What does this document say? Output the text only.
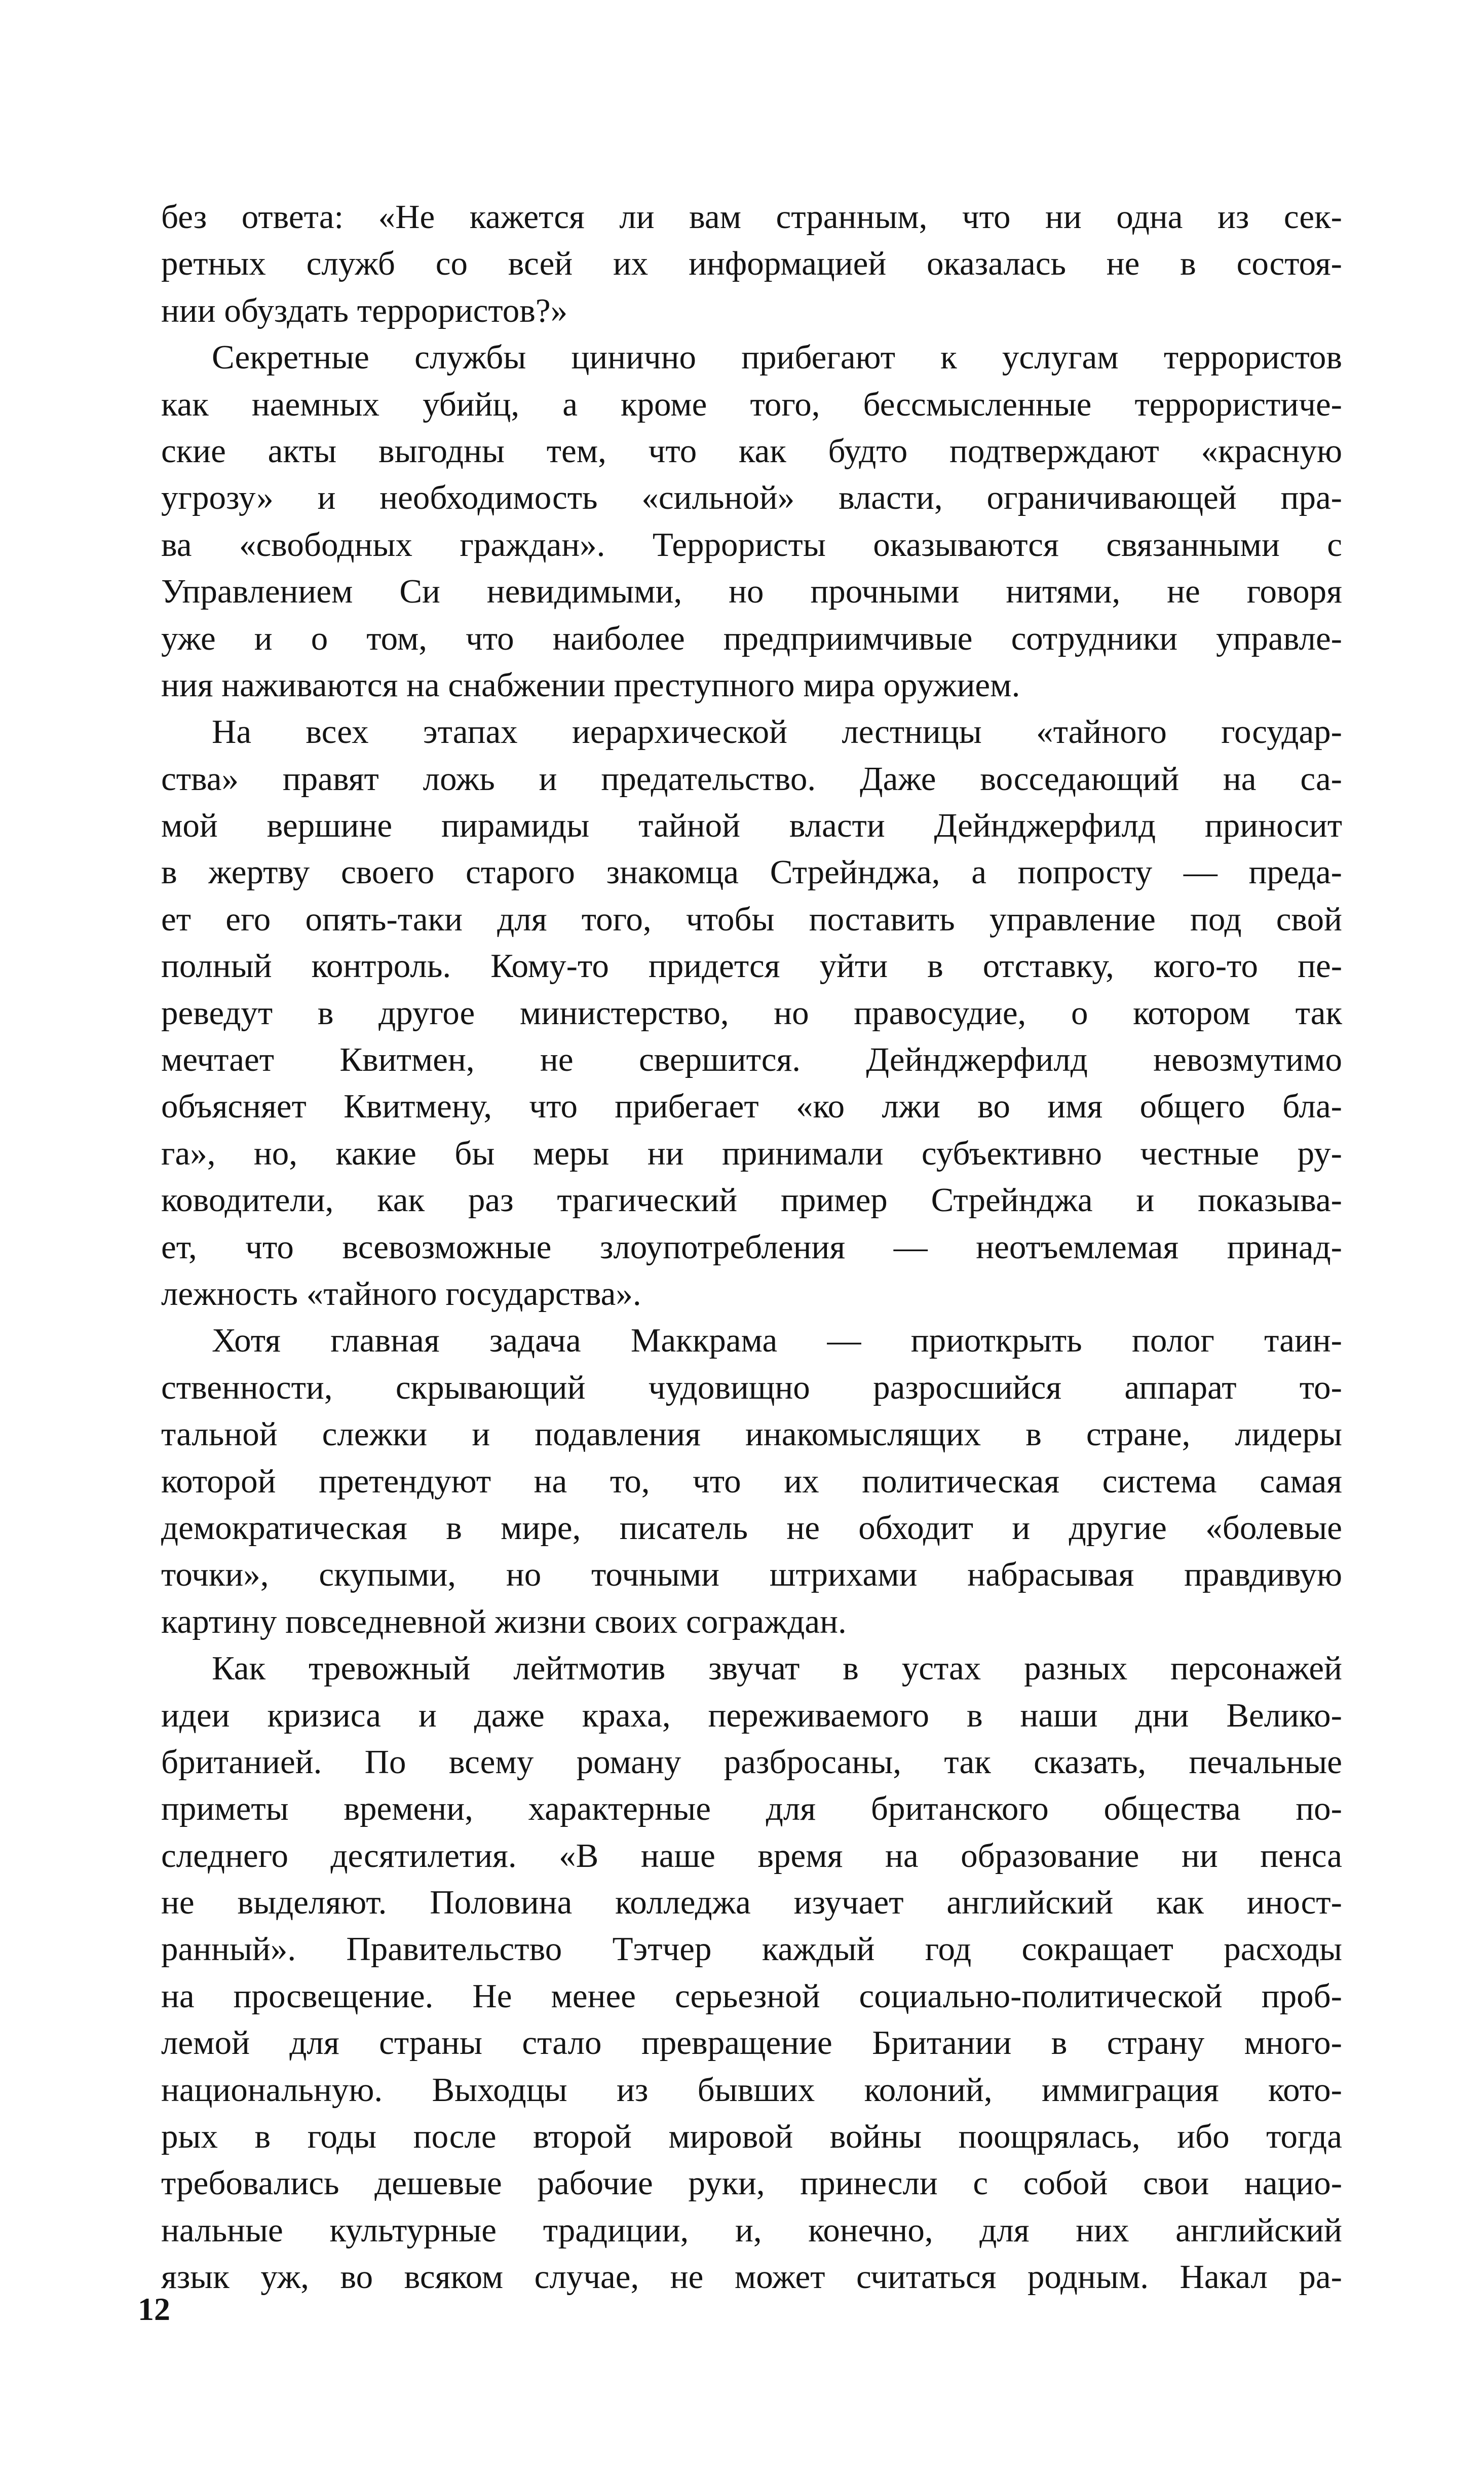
без ответа: «Не кажется ли вам странным, что ни одна из сек-
ретных служб со всей их информацией оказалась не в состоя-
нии обуздать террористов?»
Секретные службы цинично прибегают к услугам террористов
как наемных убийц, а кроме того, бессмысленные террористиче-
ские акты выгодны тем, что как будто подтверждают «красную
угрозу» и необходимость «сильной» власти, ограничивающей пра-
ва «свободных граждан». Террористы оказываются связанными с
Управлением Си невидимыми, но прочными нитями, не говоря
уже и о том, что наиболее предприимчивые сотрудники управле-
ния наживаются на снабжении преступного мира оружием.
На всех этапах иерархической лестницы «тайного государ-
ства» правят ложь и предательство. Даже восседающий на са-
мой вершине пирамиды тайной власти Дейнджерфилд приносит
в жертву своего старого знакомца Стрейнджа, а попросту — преда-
ет его опять-таки для того, чтобы поставить управление под свой
полный контроль. Кому-то придется уйти в отставку, кого-то пе-
реведут в другое министерство, но правосудие, о котором так
мечтает Квитмен, не свершится. Дейнджерфилд невозмутимо
объясняет Квитмену, что прибегает «ко лжи во имя общего бла-
га», но, какие бы меры ни принимали субъективно честные ру-
ководители, как раз трагический пример Стрейнджа и показыва-
ет, что всевозможные злоупотребления — неотъемлемая принад-
лежность «тайного государства».
Хотя главная задача Маккрама — приоткрыть полог таин-
ственности, скрывающий чудовищно разросшийся аппарат то-
тальной слежки и подавления инакомыслящих в стране, лидеры
которой претендуют на то, что их политическая система самая
демократическая в мире, писатель не обходит и другие «болевые
точки», скупыми, но точными штрихами набрасывая правдивую
картину повседневной жизни своих сограждан.
Как тревожный лейтмотив звучат в устах разных персонажей
идеи кризиса и даже краха, переживаемого в наши дни Велико-
британией. По всему роману разбросаны, так сказать, печальные
приметы времени, характерные для британского общества по-
следнего десятилетия. «В наше время на образование ни пенса
не выделяют. Половина колледжа изучает английский как иност-
ранный». Правительство Тэтчер каждый год сокращает расходы
на просвещение. Не менее серьезной социально-политической проб-
лемой для страны стало превращение Британии в страну много-
национальную. Выходцы из бывших колоний, иммиграция кото-
рых в годы после второй мировой войны поощрялась, ибо тогда
требовались дешевые рабочие руки, принесли с собой свои нацио-
нальные культурные традиции, и, конечно, для них английский
язык уж, во всяком случае, не может считаться родным. Накал ра-
12
